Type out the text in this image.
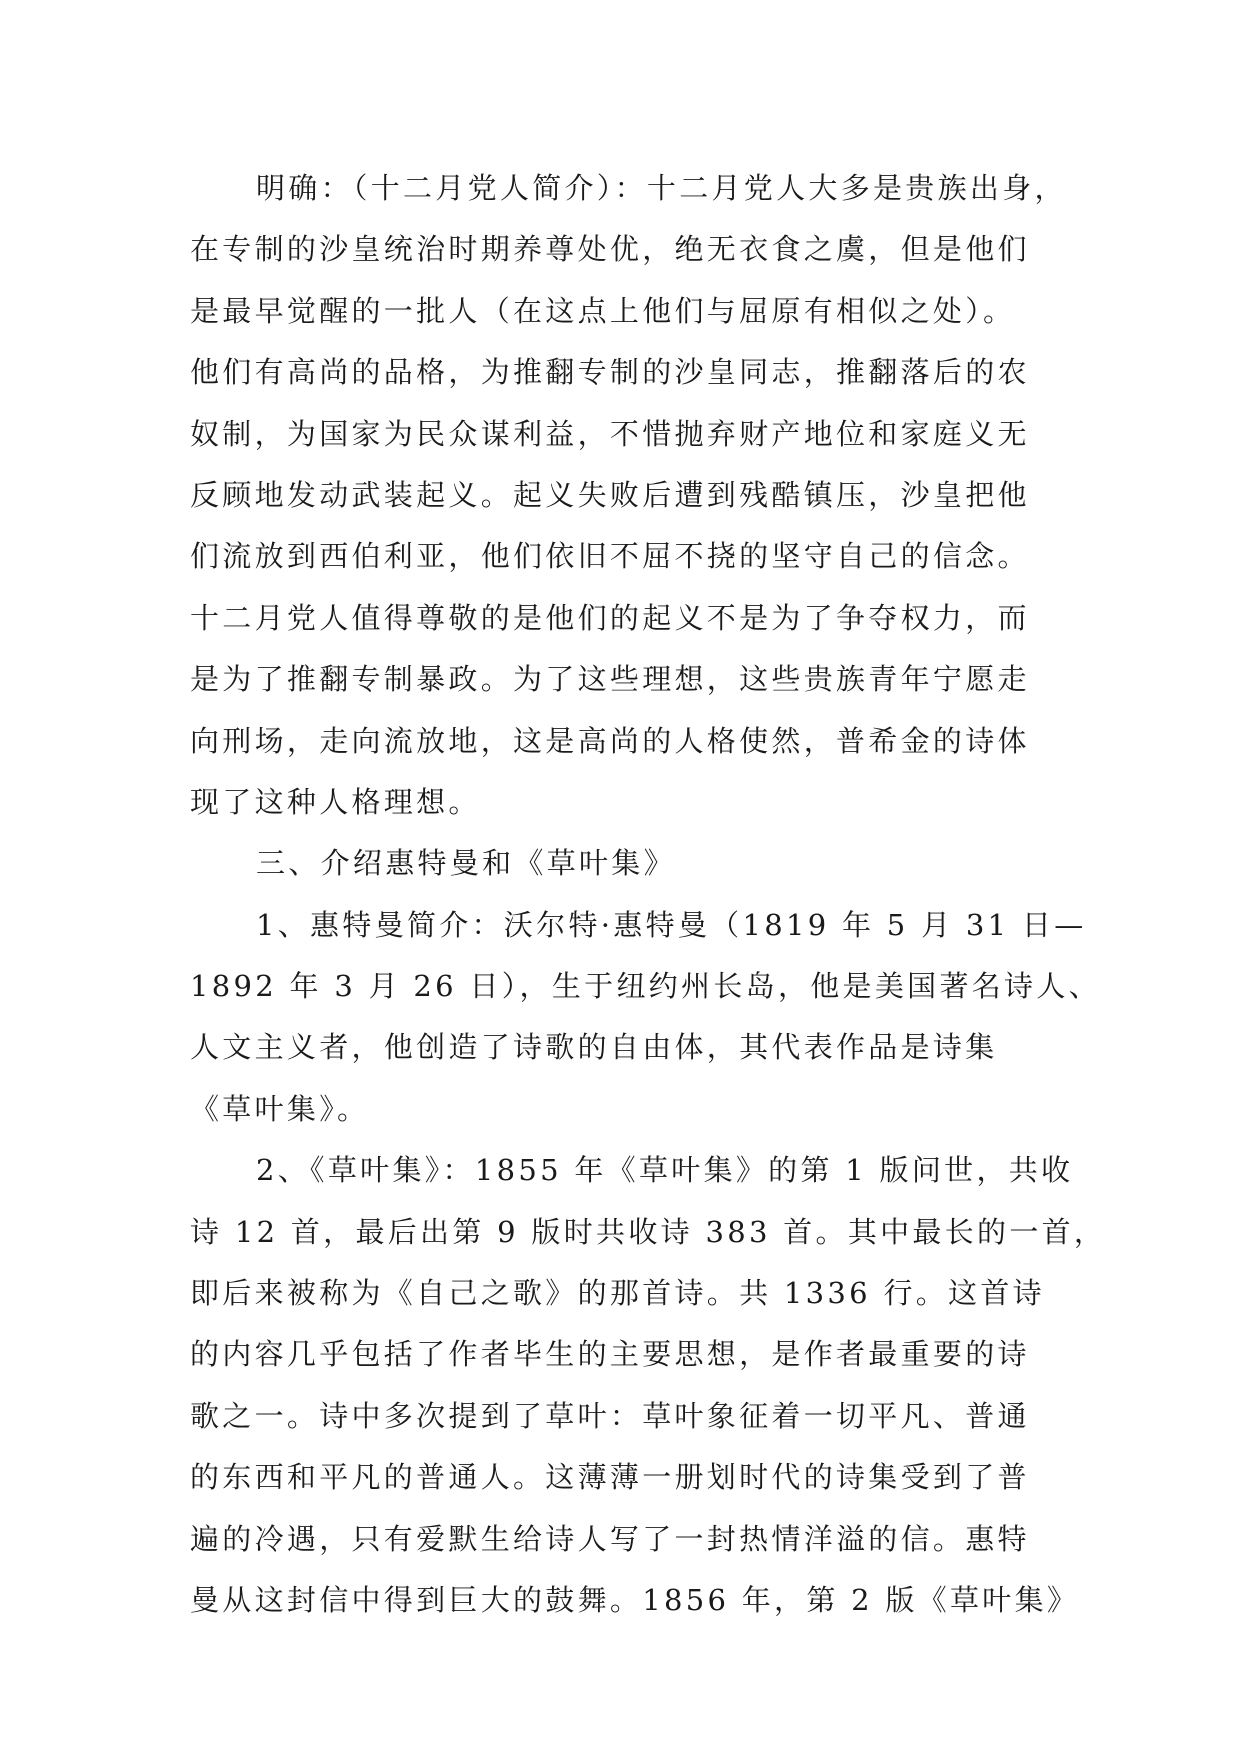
明确：（十二月党人简介）：十二月党人大多是贵族出身，
在专制的沙皇统治时期养尊处优，绝无衣食之虞，但是他们
是最早觉醒的一批人（在这点上他们与屈原有相似之处）。
他们有高尚的品格，为推翻专制的沙皇同志，推翻落后的农
奴制，为国家为民众谋利益，不惜抛弃财产地位和家庭义无
反顾地发动武装起义。起义失败后遭到残酷镇压，沙皇把他
们流放到西伯利亚，他们依旧不屈不挠的坚守自己的信念。
十二月党人值得尊敬的是他们的起义不是为了争夺权力，而
是为了推翻专制暴政。为了这些理想，这些贵族青年宁愿走
向刑场，走向流放地，这是高尚的人格使然，普希金的诗体
现了这种人格理想。
三、介绍惠特曼和《草叶集》
1、惠特曼简介：沃尔特·惠特曼（1819 年 5 月 31 日—
1892 年 3 月 26 日），生于纽约州长岛，他是美国著名诗人、
人文主义者，他创造了诗歌的自由体，其代表作品是诗集
《草叶集》。
2、《草叶集》：1855 年《草叶集》的第 1 版问世，共收
诗 12 首，最后出第 9 版时共收诗 383 首。其中最长的一首，
即后来被称为《自己之歌》的那首诗。共 1336 行。这首诗
的内容几乎包括了作者毕生的主要思想，是作者最重要的诗
歌之一。诗中多次提到了草叶：草叶象征着一切平凡、普通
的东西和平凡的普通人。这薄薄一册划时代的诗集受到了普
遍的冷遇，只有爱默生给诗人写了一封热情洋溢的信。惠特
曼从这封信中得到巨大的鼓舞。1856 年，第 2 版《草叶集》
